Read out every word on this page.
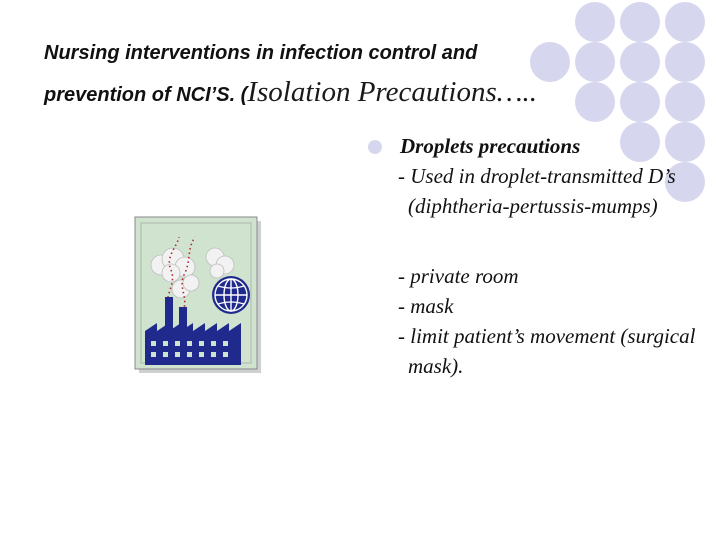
Nursing interventions in infection control and
prevention of NCI’S. (Isolation Precautions…..
Droplets precautions
- Used in droplet-transmitted D’s (diphtheria-pertussis-mumps)
- private room
- mask
- limit patient’s movement (surgical mask).
